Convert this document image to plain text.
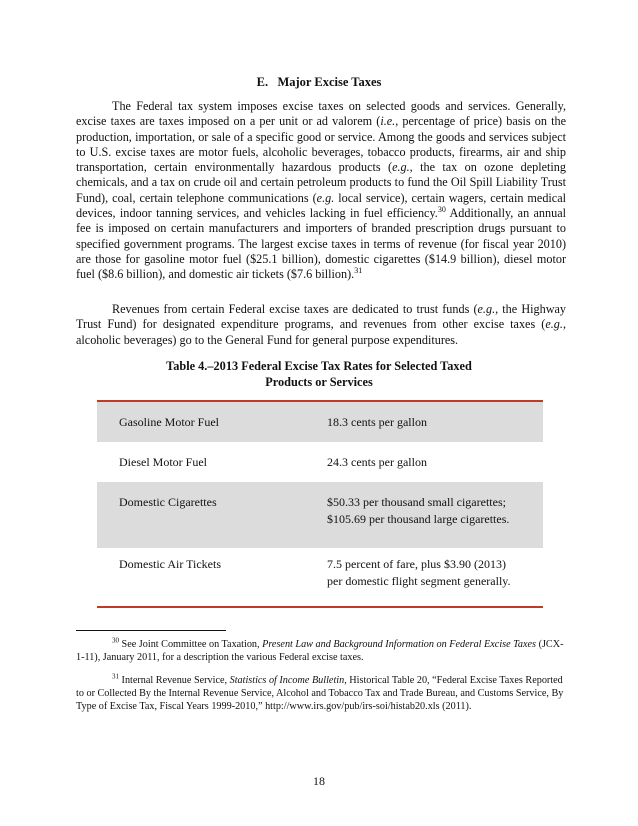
E. Major Excise Taxes

The Federal tax system imposes excise taxes on selected goods and services. Generally, excise taxes are taxes imposed on a per unit or ad valorem (i.e., percentage of price) basis on the production, importation, or sale of a specific good or service. Among the goods and services subject to U.S. excise taxes are motor fuels, alcoholic beverages, tobacco products, firearms, air and ship transportation, certain environmentally hazardous products (e.g., the tax on ozone depleting chemicals, and a tax on crude oil and certain petroleum products to fund the Oil Spill Liability Trust Fund), coal, certain telephone communications (e.g. local service), certain wagers, certain medical devices, indoor tanning services, and vehicles lacking in fuel efficiency.$^{30}$ Additionally, an annual fee is imposed on certain manufacturers and importers of branded prescription drugs pursuant to specified government programs. The largest excise taxes in terms of revenue (for fiscal year 2010) are those for gasoline motor fuel ($25.1 billion), domestic cigarettes ($14.9 billion), diesel motor fuel ($8.6 billion), and domestic air tickets ($7.6 billion).$^{31}$

Revenues from certain Federal excise taxes are dedicated to trust funds (e.g., the Highway Trust Fund) for designated expenditure programs, and revenues from other excise taxes (e.g., alcoholic beverages) go to the General Fund for general purpose expenditures.

Table 4.–2013 Federal Excise Tax Rates for Selected Taxed
Products or Services
Gasoline Motor Fuel	18.3 cents per gallon
Diesel Motor Fuel	24.3 cents per gallon
Domestic Cigarettes	$50.33 per thousand small cigarettes;
$105.69 per thousand large cigarettes.
Domestic Air Tickets	7.5 percent of fare, plus $3.90 (2013)
per domestic flight segment generally.

$^{30}$ See Joint Committee on Taxation, Present Law and Background Information on Federal Excise Taxes (JCX-1-11), January 2011, for a description the various Federal excise taxes.

$^{31}$ Internal Revenue Service, Statistics of Income Bulletin, Historical Table 20, “Federal Excise Taxes Reported to or Collected By the Internal Revenue Service, Alcohol and Tobacco Tax and Trade Bureau, and Customs Service, By Type of Excise Tax, Fiscal Years 1999-2010,” http://www.irs.gov/pub/irs-soi/histab20.xls (2011).

18
